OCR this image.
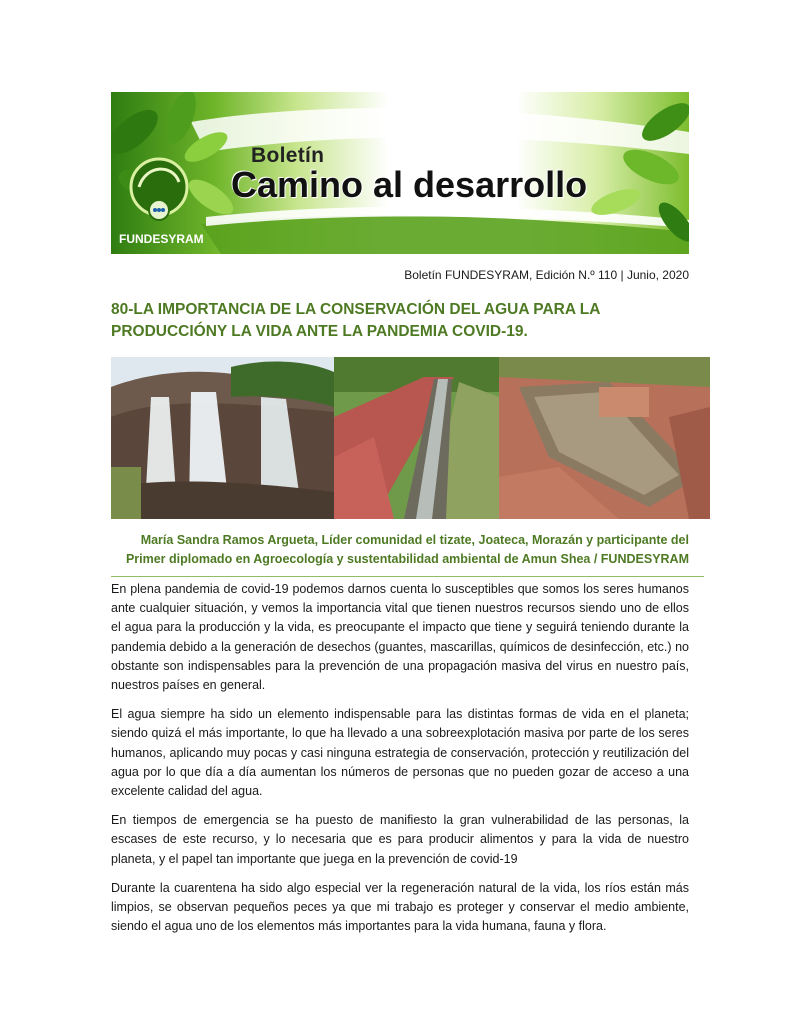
Boletín
Camino al desarrollo
FUNDESYRAM
Boletín FUNDESYRAM, Edición N.º 110 | Junio, 2020
80-LA IMPORTANCIA DE LA CONSERVACIÓN DEL AGUA PARA LA
PRODUCCIÓNY LA VIDA ANTE LA PANDEMIA COVID-19.
María Sandra Ramos Argueta, Líder comunidad el tizate, Joateca, Morazán y participante del
Primer diplomado en Agroecología y sustentabilidad ambiental de Amun Shea / FUNDESYRAM

En plena pandemia de covid-19 podemos darnos cuenta lo susceptibles que somos los seres humanos ante cualquier situación, y vemos la importancia vital que tienen nuestros recursos siendo uno de ellos el agua para la producción y la vida, es preocupante el impacto que tiene y seguirá teniendo durante la pandemia debido a la generación de desechos (guantes, mascarillas, químicos de desinfección, etc.) no obstante son indispensables para la prevención de una propagación masiva del virus en nuestro país, nuestros países en general.

El agua siempre ha sido un elemento indispensable para las distintas formas de vida en el planeta; siendo quizá el más importante, lo que ha llevado a una sobreexplotación masiva por parte de los seres humanos, aplicando muy pocas y casi ninguna estrategia de conservación, protección y reutilización del agua por lo que día a día aumentan los números de personas que no pueden gozar de acceso a una excelente calidad del agua.

En tiempos de emergencia se ha puesto de manifiesto la gran vulnerabilidad de las personas, la escases de este recurso, y lo necesaria que es para producir alimentos y para la vida de nuestro planeta, y el papel tan importante que juega en la prevención de covid-19

Durante la cuarentena ha sido algo especial ver la regeneración natural de la vida, los ríos están más limpios, se observan pequeños peces ya que mi trabajo es proteger y conservar el medio ambiente, siendo el agua uno de los elementos más importantes para la vida humana, fauna y flora.
